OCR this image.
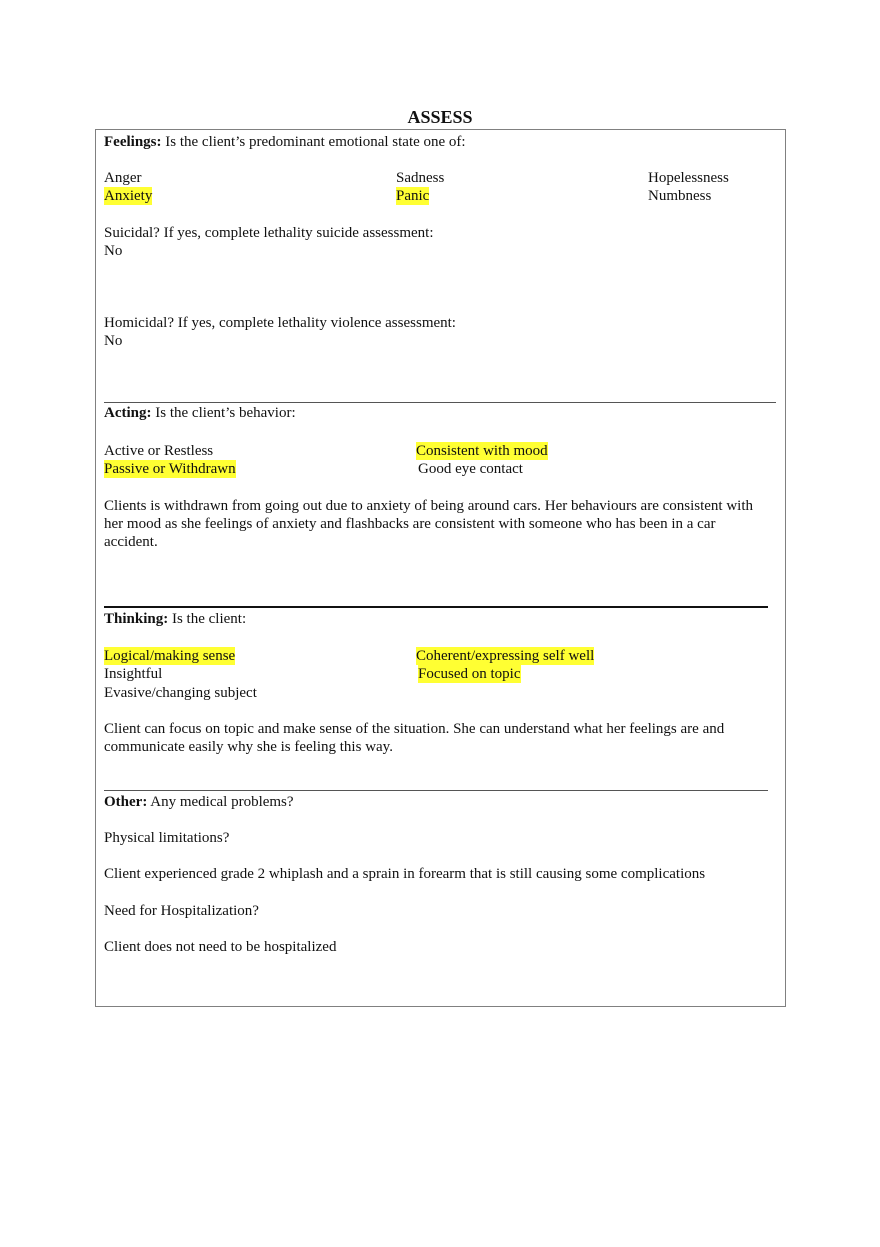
ASSESS
Feelings: Is the client’s predominant emotional state one of:
Anger
Anxiety
Sadness
Panic
Hopelessness
Numbness
Suicidal? If yes, complete lethality suicide assessment:
No
Homicidal? If yes, complete lethality violence assessment:
No
Acting: Is the client’s behavior:
Active or Restless
Passive or Withdrawn
Consistent with mood
Good eye contact
Clients is withdrawn from going out due to anxiety of being around cars. Her behaviours are consistent with her mood as she feelings of anxiety and flashbacks are consistent with someone who has been in a car accident.
Thinking: Is the client:
Logical/making sense
Insightful
Evasive/changing subject
Coherent/expressing self well
Focused on topic
Client can focus on topic and make sense of the situation. She can understand what her feelings are and communicate easily why she is feeling this way.
Other: Any medical problems?
Physical limitations?
Client experienced grade 2 whiplash and a sprain in forearm that is still causing some complications
Need for Hospitalization?
Client does not need to be hospitalized
